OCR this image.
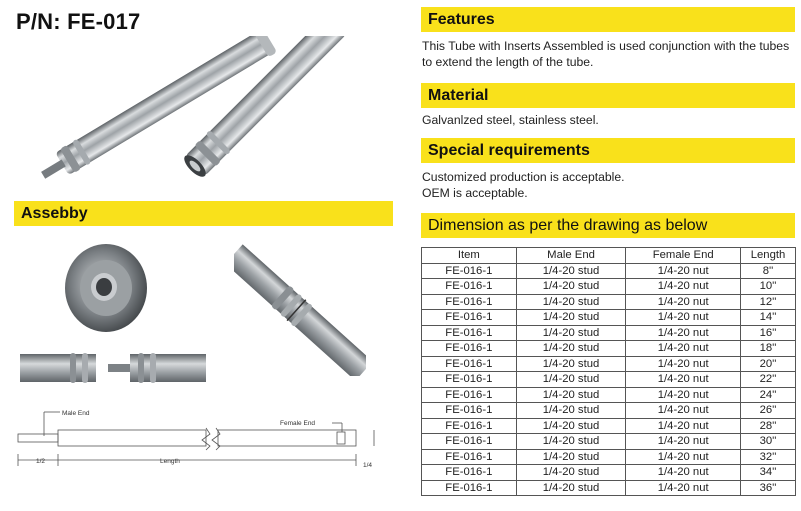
P/N: FE-017	Features
This Tube with Inserts Assembled is used conjunction with the tubes to extend the length of the tube.
Material
Galvanlzed steel, stainless steel.
Special requirements
Customized production is acceptable.
OEM is acceptable.
Dimension as per the drawing as below
Assebby
Male End
Female End
1/2	Length
1/4
Item	Male End	Female End	Length
FE-016-1	1/4-20 stud	1/4-20 nut	8''
FE-016-1	1/4-20 stud	1/4-20 nut	10''
FE-016-1	1/4-20 stud	1/4-20 nut	12''
FE-016-1	1/4-20 stud	1/4-20 nut	14''
FE-016-1	1/4-20 stud	1/4-20 nut	16''
FE-016-1	1/4-20 stud	1/4-20 nut	18''
FE-016-1	1/4-20 stud	1/4-20 nut	20''
FE-016-1	1/4-20 stud	1/4-20 nut	22''
FE-016-1	1/4-20 stud	1/4-20 nut	24''
FE-016-1	1/4-20 stud	1/4-20 nut	26''
FE-016-1	1/4-20 stud	1/4-20 nut	28''
FE-016-1	1/4-20 stud	1/4-20 nut	30''
FE-016-1	1/4-20 stud	1/4-20 nut	32''
FE-016-1	1/4-20 stud	1/4-20 nut	34''
FE-016-1	1/4-20 stud	1/4-20 nut	36''
